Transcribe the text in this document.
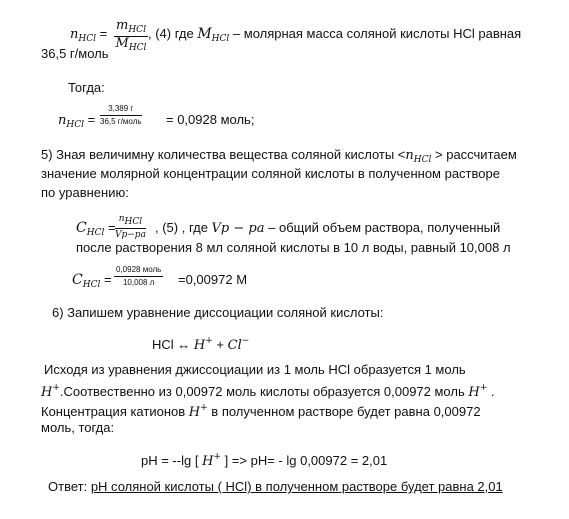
$n_{HCl}$ =
$m_{HCl}$
$M_{HCl}$
, (4) где $M_{HCl}$ – молярная масса соляной кислоты HCl равная
36,5 г/моль
Тогда:
$n_{HCl}$ =
3,389 г
36,5 г/моль = 0,0928 моль;
5) Зная величимну количества вещества соляной кислоты $<n_{HCl}$ > рассчитаем
значение молярной концентрации соляной кислоты в полученном растворе
по уравнению:
$C_{HCl}$ =
nHCl
Vp−pa , (5) , где Vp − pa – общий объем раствора, полученный
после растворения 8 мл соляной кислоты в 10 л воды, равный 10,008 л
$C_{HCl}$ =
0,0928 моль
10,008 л	=0,00972 М
6) Запишем уравнение диссоциации соляной кислоты:
HCl ↔ H+ + Cl−
Исходя из уравнения джиссоциации из 1 моль HCl образуется 1 моль
H+.Соотвественно из 0,00972 моль кислоты образуется 0,00972 моль H+ .
Концентрация катионов H+ в полученном растворе будет равна 0,00972
моль, тогда:
pH = --lg [ H+ ] => pH= - lg 0,00972 = 2,01
Ответ: pH соляной кислоты ( HCl) в полученном растворе будет равна 2,01
